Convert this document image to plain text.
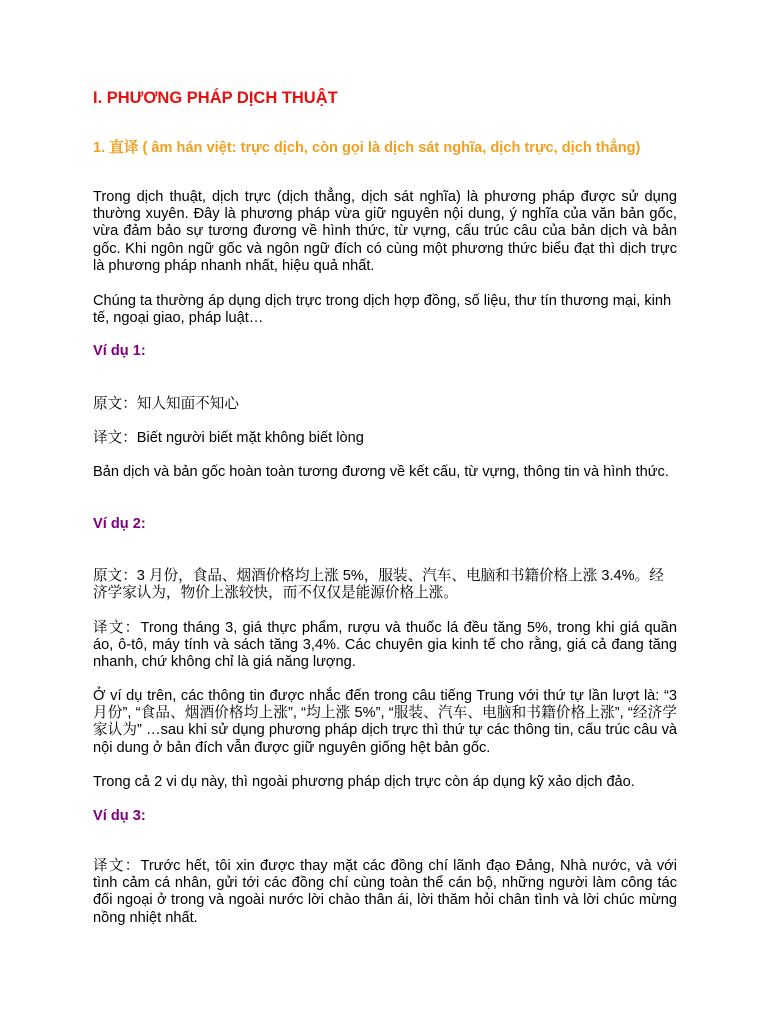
I. PHƯƠNG PHÁP DỊCH THUẬT
1. 直译 ( âm hán việt: trực dịch, còn gọi là dịch sát nghĩa, dịch trực, dịch thẳng)

Trong dịch thuật, dịch trực (dịch thẳng, dịch sát nghĩa) là phương pháp được sử dụng thường xuyên. Đây là phương pháp vừa giữ nguyên nội dung, ý nghĩa của văn bản gốc, vừa đảm bảo sự tương đương về hình thức, từ vựng, cấu trúc câu của bản dịch và bản gốc. Khi ngôn ngữ gốc và ngôn ngữ đích có cùng một phương thức biểu đạt thì dịch trực là phương pháp nhanh nhất, hiệu quả nhất.

Chúng ta thường áp dụng dịch trực trong dịch hợp đồng, số liệu, thư tín thương mại, kinh tế, ngoại giao, pháp luật…

Ví dụ 1:

原文：知人知面不知心

译文：Biết người biết mặt không biết lòng

Bản dịch và bản gốc hoàn toàn tương đương về kết cấu, từ vựng, thông tin và hình thức.

Ví dụ 2:

原文：3 月份，食品、烟酒价格均上涨 5%，服装、汽车、电脑和书籍价格上涨 3.4%。经济学家认为，物价上涨较快，而不仅仅是能源价格上涨。

译文：Trong tháng 3, giá thực phẩm, rượu và thuốc lá đều tăng 5%, trong khi giá quần áo, ô-tô, máy tính và sách tăng 3,4%. Các chuyên gia kinh tế cho rằng, giá cả đang tăng nhanh, chứ không chỉ là giá năng lượng.

Ở ví dụ trên, các thông tin được nhắc đến trong câu tiếng Trung với thứ tự lần lượt là: “3 月份”, “食品、烟酒价格均上涨”, “均上涨 5%”, “服装、汽车、电脑和书籍价格上涨”, “经济学家认为” …sau khi sử dụng phương pháp dịch trực thì thứ tự các thông tin, cấu trúc câu và nội dung ở bản đích vẫn được giữ nguyên giống hệt bản gốc.

Trong cả 2 vi dụ này, thì ngoài phương pháp dịch trực còn áp dụng kỹ xảo dịch đảo.

Ví dụ 3:

译文：Trước hết, tôi xin được thay mặt các đồng chí lãnh đạo Đảng, Nhà nước, và với tình cảm cá nhân, gửi tới các đồng chí cùng toàn thể cán bộ, những người làm công tác đối ngoại ở trong và ngoài nước lời chào thân ái, lời thăm hỏi chân tình và lời chúc mừng nồng nhiệt nhất.
